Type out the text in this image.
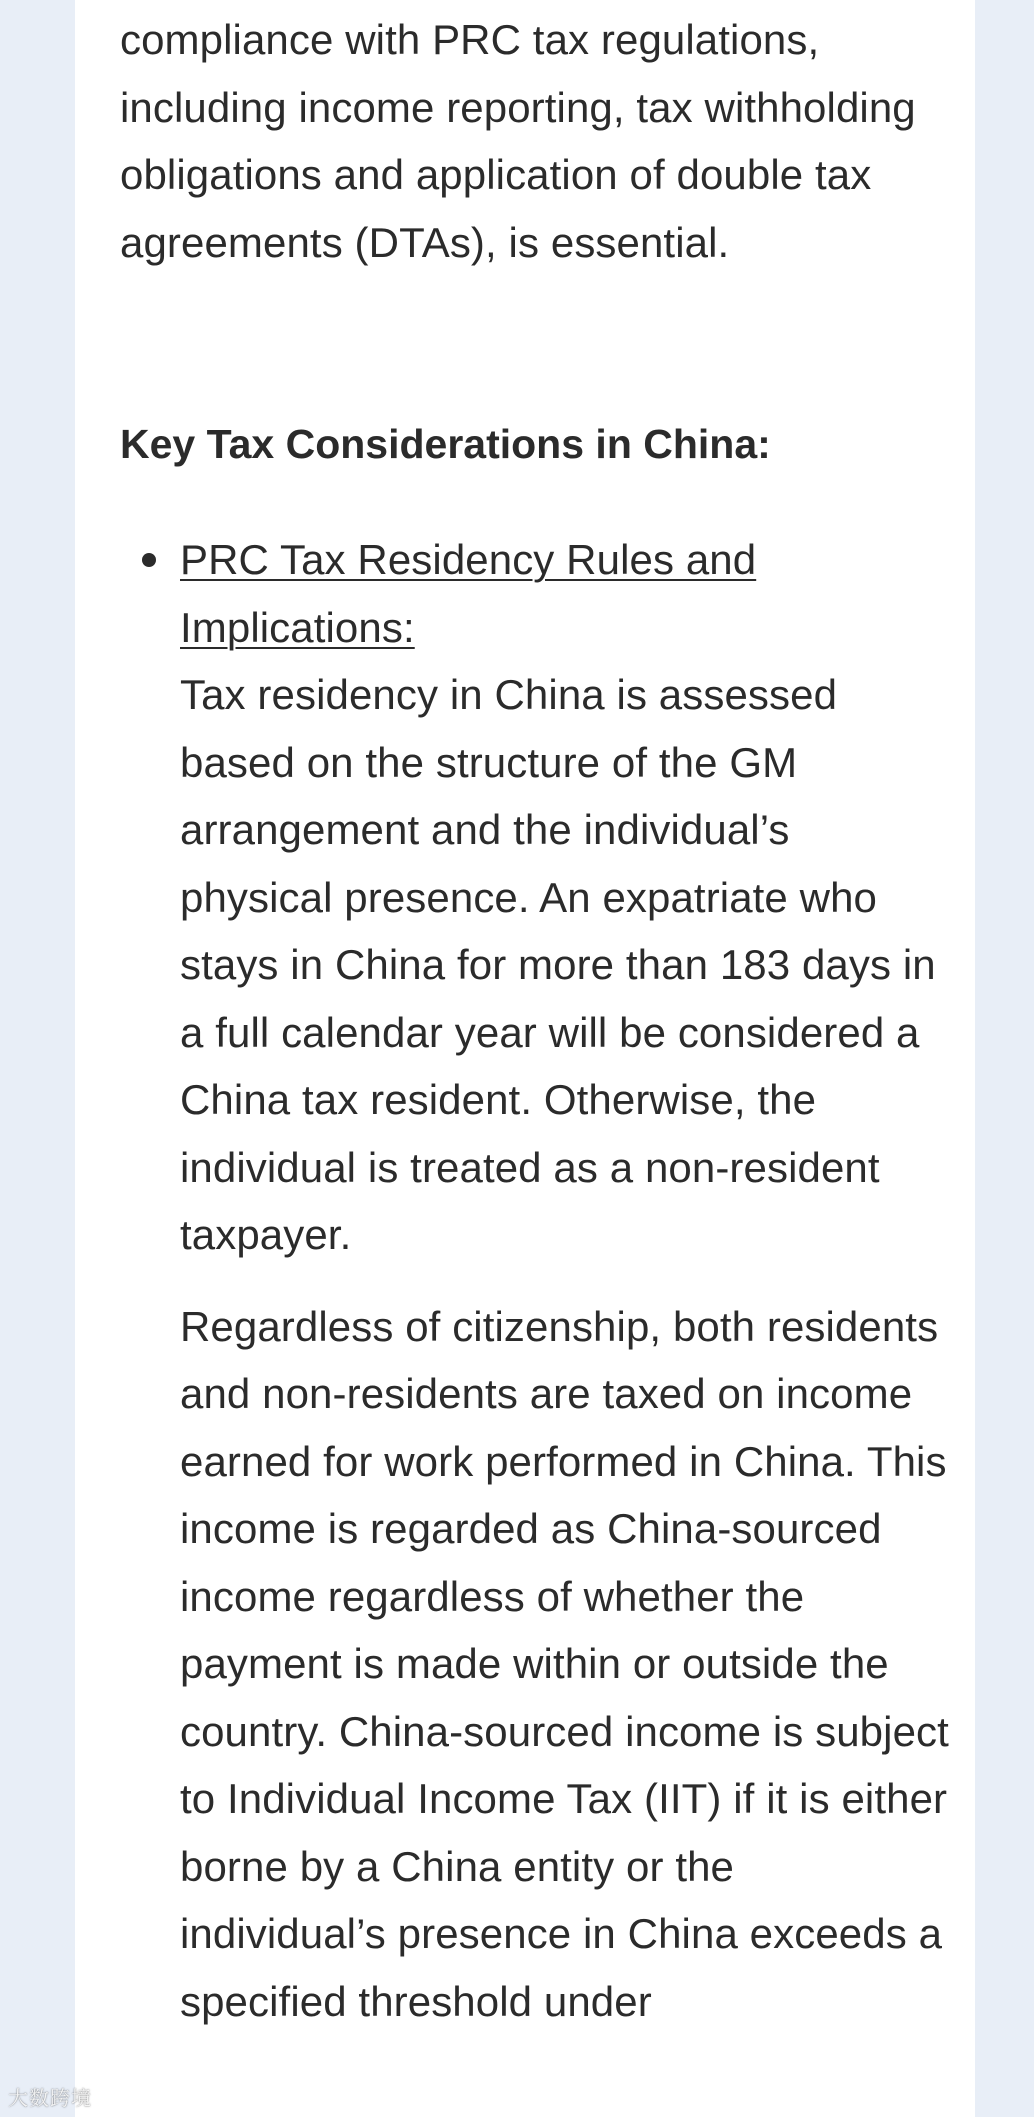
compliance with PRC tax regulations, including income reporting, tax withholding obligations and application of double tax agreements (DTAs), is essential.

Key Tax Considerations in China:

PRC Tax Residency Rules and Implications:
Tax residency in China is assessed based on the structure of the GM arrangement and the individual’s physical presence. An expatriate who stays in China for more than 183 days in a full calendar year will be considered a China tax resident. Otherwise, the individual is treated as a non-resident taxpayer.

Regardless of citizenship, both residents and non-residents are taxed on income earned for work performed in China. This income is regarded as China-sourced income regardless of whether the payment is made within or outside the country. China-sourced income is subject to Individual Income Tax (IIT) if it is either borne by a China entity or the individual’s presence in China exceeds a specified threshold under

大数跨境
